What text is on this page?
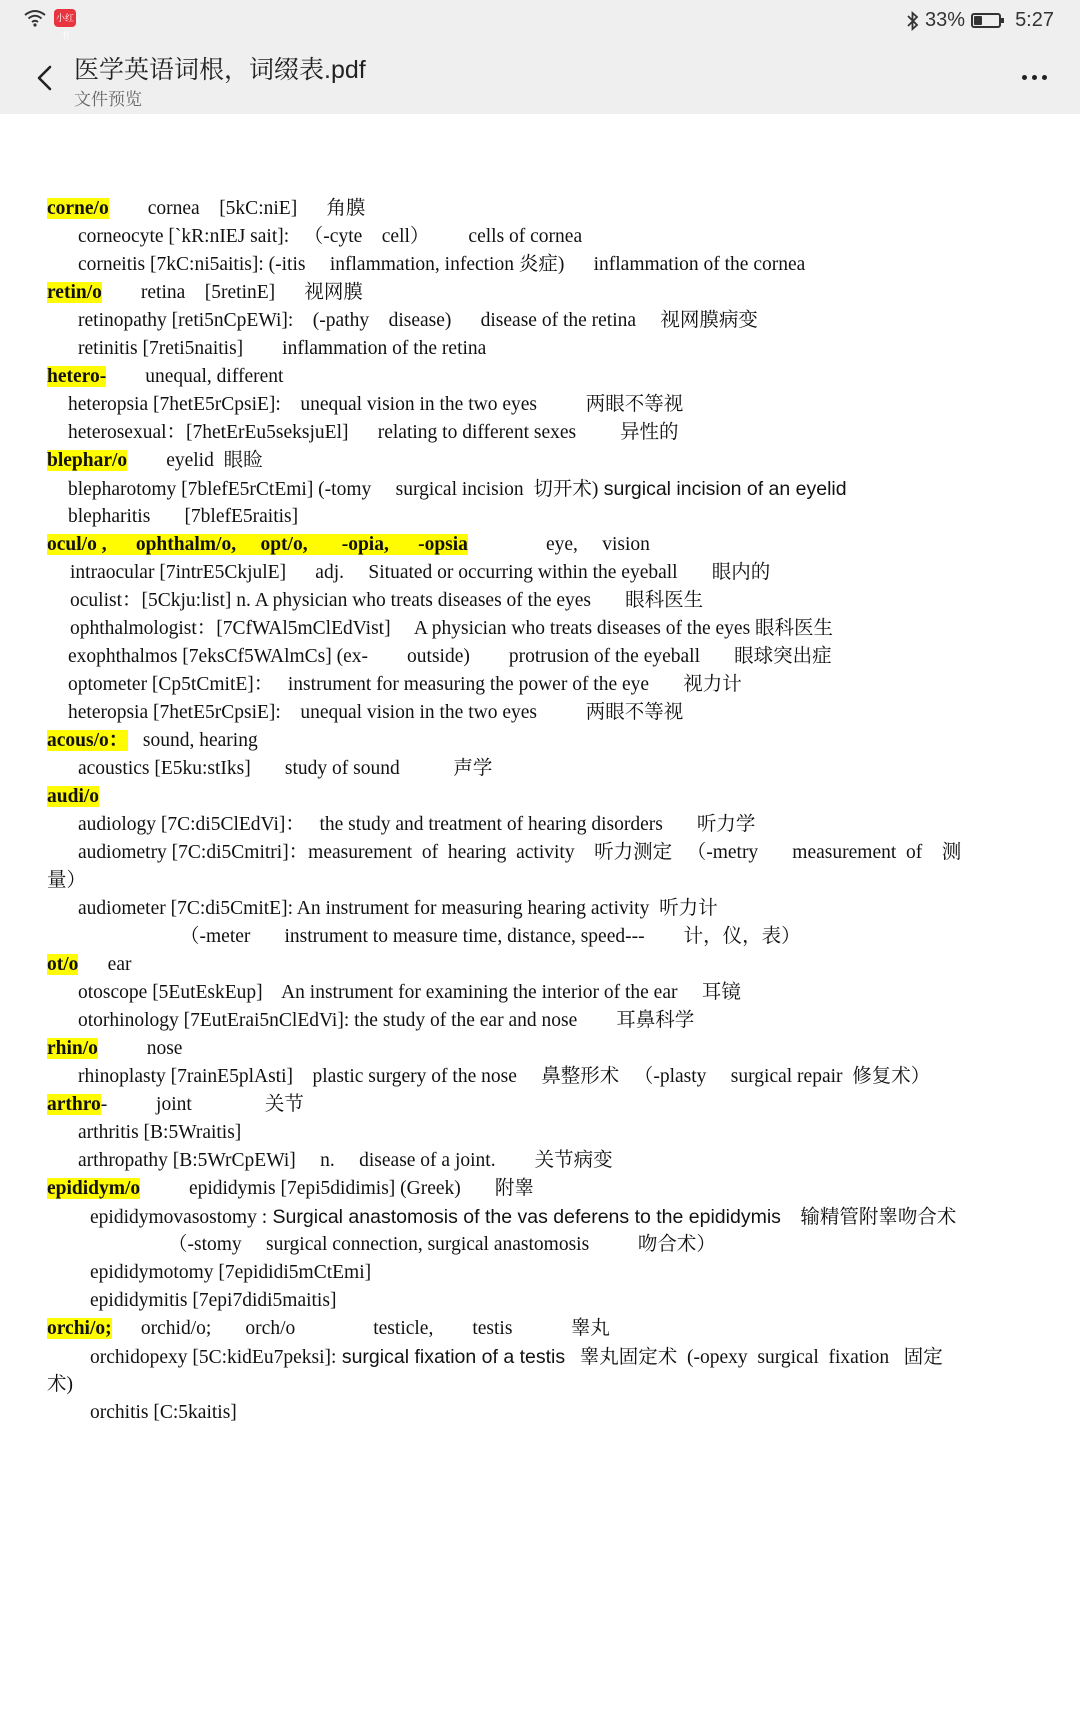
小红书
33%	5:27
医学英语词根，词缀表.pdf
文件预览
corne/o        cornea    [5kC:niE]      角膜
corneocyte [`kR:nIEJ sait]:   （-cyte    cell）        cells of cornea
corneitis [7kC:ni5aitis]: (-itis     inflammation, infection 炎症)      inflammation of the cornea
retin/o        retina    [5retinE]      视网膜
retinopathy [reti5nCpEWi]:    (-pathy    disease)      disease of the retina     视网膜病变
retinitis [7reti5naitis]        inflammation of the retina
hetero-        unequal, different
heteropsia [7hetE5rCpsiE]:    unequal vision in the two eyes          两眼不等视
heterosexual：[7hetErEu5seksjuEl]      relating to different sexes         异性的
blephar/o        eyelid  眼睑
blepharotomy [7blefE5rCtEmi] (-tomy     surgical incision  切开术) surgical incision of an eyelid
blepharitis       [7blefE5raitis]
ocul/o ,      ophthalm/o,     opt/o,       -opia,      -opsia                eye,     vision
intraocular [7intrE5CkjulE]      adj.     Situated or occurring within the eyeball       眼内的
oculist：[5Ckju:list] n. A physician who treats diseases of the eyes       眼科医生
ophthalmologist：[7CfWAl5mClEdVist]     A physician who treats diseases of the eyes 眼科医生
exophthalmos [7eksCf5WAlmCs] (ex-        outside)        protrusion of the eyeball       眼球突出症
optometer [Cp5tCmitE]：   instrument for measuring the power of the eye       视力计
heteropsia [7hetE5rCpsiE]:    unequal vision in the two eyes          两眼不等视
acous/o：   sound, hearing
acoustics [E5ku:stIks]       study of sound           声学
audi/o
audiology [7C:di5ClEdVi]：   the study and treatment of hearing disorders       听力学
audiometry [7C:di5Cmitri]：measurement  of  hearing  activity    听力测定   （-metry       measurement  of    测
量）
audiometer [7C:di5CmitE]: An instrument for measuring hearing activity  听力计
（-meter       instrument to measure time, distance, speed---        计，仪，表）
ot/o      ear
otoscope [5EutEskEup]    An instrument for examining the interior of the ear     耳镜
otorhinology [7EutErai5nClEdVi]: the study of the ear and nose        耳鼻科学
rhin/o          nose
rhinoplasty [7rainE5plAsti]    plastic surgery of the nose     鼻整形术   （-plasty     surgical repair  修复术）
arthro-          joint               关节
arthritis [B:5Wraitis]
arthropathy [B:5WrCpEWi]     n.     disease of a joint.        关节病变
epididym/o          epididymis [7epi5didimis] (Greek)       附睾
epididymovasostomy : Surgical anastomosis of the vas deferens to the epididymis    输精管附睾吻合术
（-stomy     surgical connection, surgical anastomosis          吻合术）
epididymotomy [7epididi5mCtEmi]
epididymitis [7epi7didi5maitis]
orchi/o;      orchid/o;       orch/o                testicle,        testis            睾丸
orchidopexy [5C:kidEu7peksi]: surgical fixation of a testis   睾丸固定术  (-opexy  surgical  fixation   固定
术)
orchitis [C:5kaitis]
